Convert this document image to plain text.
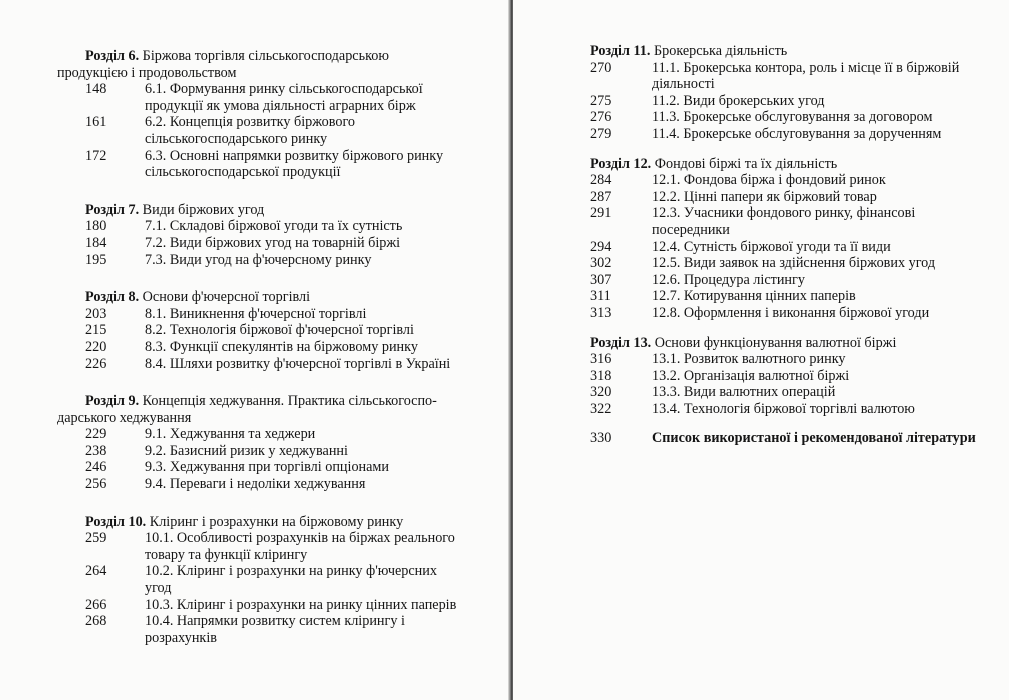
Розділ 6. Біржова торгівля сільськогосподарською
продукцією і продовольством
148	6.1. Формування ринку сільськогосподарської
продукції як умова діяльності аграрних бірж
161	6.2. Концепція розвитку біржового
сільськогосподарського ринку
172	6.3. Основні напрямки розвитку біржового ринку
сільськогосподарської продукції
Розділ 7. Види біржових угод
180	7.1. Складові біржової угоди та їх сутність
184	7.2. Види біржових угод на товарній біржі
195	7.3. Види угод на ф'ючерсному ринку
Розділ 8. Основи ф'ючерсної торгівлі
203	8.1. Виникнення ф'ючерсної торгівлі
215	8.2. Технологія біржової ф'ючерсної торгівлі
220	8.3. Функції спекулянтів на біржовому ринку
226	8.4. Шляхи розвитку ф'ючерсної торгівлі в Україні
Розділ 9. Концепція хеджування. Практика сільськогоспо-
дарського хеджування
229	9.1. Хеджування та хеджери
238	9.2. Базисний ризик у хеджуванні
246	9.3. Хеджування при торгівлі опціонами
256	9.4. Переваги і недоліки хеджування
Розділ 10. Кліринг і розрахунки на біржовому ринку
259	10.1. Особливості розрахунків на біржах реального
товару та функції клірингу
264	10.2. Кліринг і розрахунки на ринку ф'ючерсних
угод
266	10.3. Кліринг і розрахунки на ринку цінних паперів
268	10.4. Напрямки розвитку систем клірингу і
розрахунків
Розділ 11. Брокерська діяльність
270	11.1. Брокерська контора, роль і місце її в біржовій
діяльності
275	11.2. Види брокерських угод
276	11.3. Брокерське обслуговування за договором
279	11.4. Брокерське обслуговування за дорученням
Розділ 12. Фондові біржі та їх діяльність
284	12.1. Фондова біржа і фондовий ринок
287	12.2. Цінні папери як біржовий товар
291	12.3. Учасники фондового ринку, фінансові
посередники
294	12.4. Сутність біржової угоди та її види
302	12.5. Види заявок на здійснення біржових угод
307	12.6. Процедура лістингу
311	12.7. Котирування цінних паперів
313	12.8. Оформлення і виконання біржової угоди
Розділ 13. Основи функціонування валютної біржі
316	13.1. Розвиток валютного ринку
318	13.2. Організація валютної біржі
320	13.3. Види валютних операцій
322	13.4. Технологія біржової торгівлі валютою
330	Список використаної і рекомендованої літератури
